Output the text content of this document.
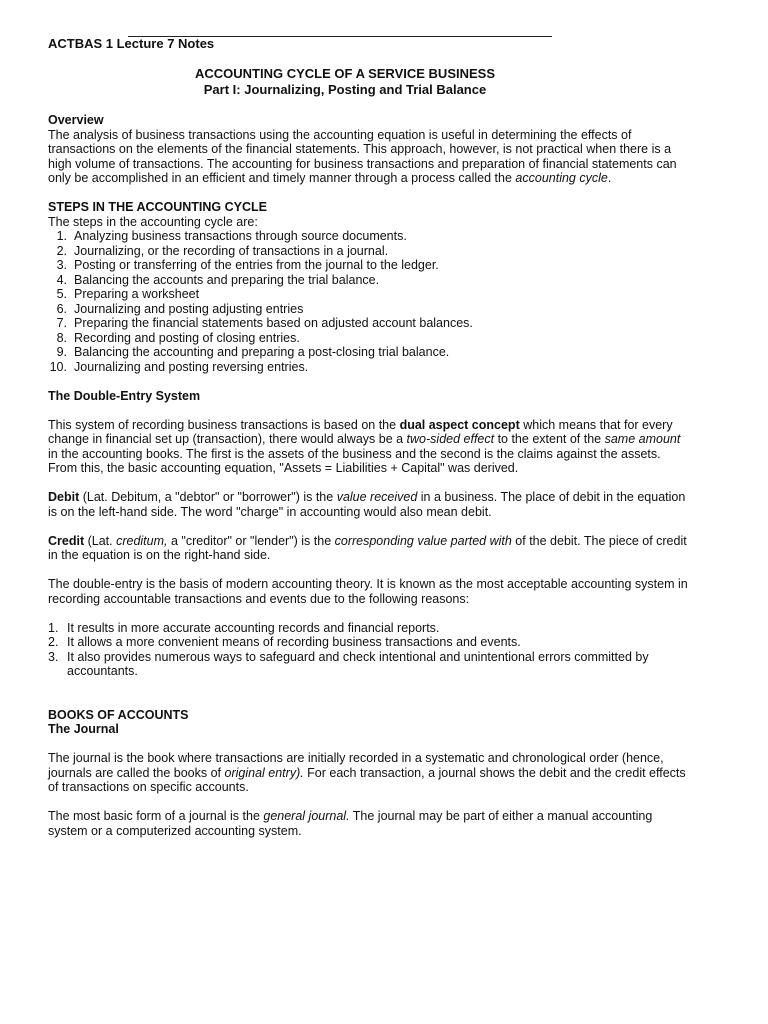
ACTBAS 1 Lecture 7 Notes
ACCOUNTING CYCLE OF A SERVICE BUSINESS
Part I: Journalizing, Posting and Trial Balance

Overview

The analysis of business transactions using the accounting equation is useful in determining the effects of transactions on the elements of the financial statements. This approach, however, is not practical when there is a high volume of transactions. The accounting for business transactions and preparation of financial statements can only be accomplished in an efficient and timely manner through a process called the accounting cycle.

STEPS IN THE ACCOUNTING CYCLE

The steps in the accounting cycle are:

1. Analyzing business transactions through source documents.
2. Journalizing, or the recording of transactions in a journal.
3. Posting or transferring of the entries from the journal to the ledger.
4. Balancing the accounts and preparing the trial balance.
5. Preparing a worksheet
6. Journalizing and posting adjusting entries
7. Preparing the financial statements based on adjusted account balances.
8. Recording and posting of closing entries.
9. Balancing the accounting and preparing a post-closing trial balance.
10. Journalizing and posting reversing entries.

The Double-Entry System

This system of recording business transactions is based on the dual aspect concept which means that for every change in financial set up (transaction), there would always be a two-sided effect to the extent of the same amount in the accounting books. The first is the assets of the business and the second is the claims against the assets. From this, the basic accounting equation, "Assets = Liabilities + Capital" was derived.

Debit (Lat. Debitum, a "debtor" or "borrower") is the value received in a business. The place of debit in the equation is on the left-hand side. The word "charge" in accounting would also mean debit.

Credit (Lat. creditum, a "creditor" or "lender") is the corresponding value parted with of the debit. The piece of credit in the equation is on the right-hand side.

The double-entry is the basis of modern accounting theory. It is known as the most acceptable accounting system in recording accountable transactions and events due to the following reasons:

1. It results in more accurate accounting records and financial reports.
2. It allows a more convenient means of recording business transactions and events.
3. It also provides numerous ways to safeguard and check intentional and unintentional errors committed by accountants.

BOOKS OF ACCOUNTS

The Journal

The journal is the book where transactions are initially recorded in a systematic and chronological order (hence, journals are called the books of original entry). For each transaction, a journal shows the debit and the credit effects of transactions on specific accounts.

The most basic form of a journal is the general journal. The journal may be part of either a manual accounting system or a computerized accounting system.
